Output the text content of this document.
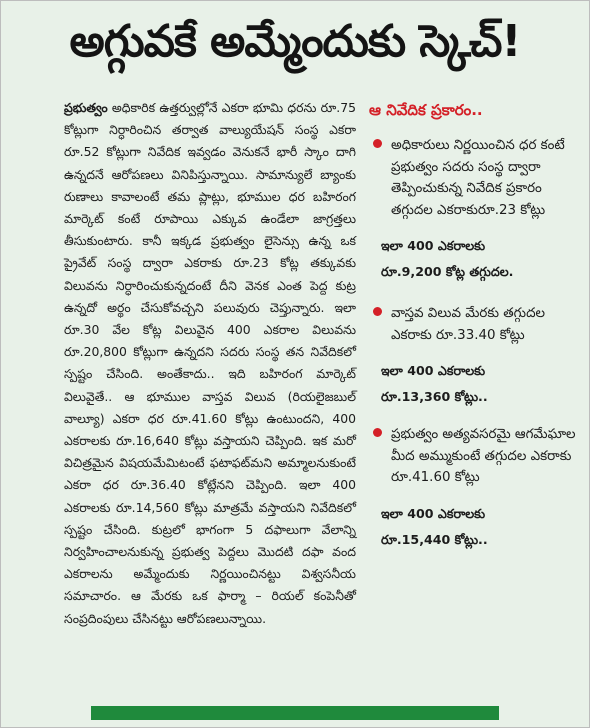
అగ్గువకే అమ్మేందుకు స్కెచ్!
ప్రభుత్వం అధికారిక ఉత్తర్వుల్లోనే ఎకరా భూమి ధరను రూ.75 కోట్లుగా నిర్ధారించిన తర్వాత వాల్యుయేషన్ సంస్థ ఎకరా రూ.52 కోట్లుగా నివేదిక ఇవ్వడం వెనుకనే భారీ స్కాం దాగి ఉన్నదనే ఆరోపణలు వినిపిస్తున్నాయి. సామాన్యులే బ్యాంకు రుణాలు కావాలంటే తమ ప్లాట్లు, భూముల ధర బహిరంగ మార్కెట్ కంటే రూపాయి ఎక్కువ ఉండేలా జాగ్రత్తలు తీసుకుంటారు. కానీ ఇక్కడ ప్రభుత్వం లైసెన్సు ఉన్న ఒక ప్రైవేట్ సంస్థ ద్వారా ఎకరాకు రూ.23 కోట్ల తక్కువకు విలువను నిర్ధారించుకున్నదంటే దీని వెనక ఎంత పెద్ద కుట్ర ఉన్నదో అర్థం చేసుకోవచ్చని పలువురు చెప్తున్నారు. ఇలా రూ.30 వేల కోట్ల విలువైన 400 ఎకరాల విలువను రూ.20,800 కోట్లుగా ఉన్నదని సదరు సంస్థ తన నివేదికలో స్పష్టం చేసింది. అంతేకాదు.. ఇది బహిరంగ మార్కెట్ విలువైతే.. ఆ భూముల వాస్తవ విలువ (రియలైజబుల్ వాల్యూ) ఎకరా ధర రూ.41.60 కోట్లు ఉంటుందని, 400 ఎకరాలకు రూ.16,640 కోట్లు వస్తాయని చెప్పింది. ఇక మరో విచిత్రమైన విషయమేమిటంటే ఫటాఫట్‌మని అమ్మాలనుకుంటే ఎకరా ధర రూ.36.40 కోట్లేనని చెప్పింది. ఇలా 400 ఎకరాలకు రూ.14,560 కోట్లు మాత్రమే వస్తాయని నివేదికలో స్పష్టం చేసింది. కుట్రలో భాగంగా 5 దఫాలుగా వేలాన్ని నిర్వహించాలనుకున్న ప్రభుత్వ పెద్దలు మొదటి దఫా వంద ఎకరాలను అమ్మేందుకు నిర్ణయించినట్టు విశ్వసనీయ సమాచారం. ఆ మేరకు ఒక ఫార్మా – రియల్ కంపెనీతో సంప్రదింపులు చేసినట్టు ఆరోపణలున్నాయి.
ఆ నివేదిక ప్రకారం..
అధికారులు నిర్ణయించిన ధర కంటే ప్రభుత్వం సదరు సంస్థ ద్వారా తెప్పించుకున్న నివేదిక ప్రకారం తగ్గుదల ఎకరాకురూ.23 కోట్లు
ఇలా 400 ఎకరాలకు
రూ.9,200 కోట్ల తగ్గుదల.
వాస్తవ విలువ మేరకు తగ్గుదల ఎకరాకు రూ.33.40 కోట్లు
ఇలా 400 ఎకరాలకు
రూ.13,360 కోట్లు..
ప్రభుత్వం అత్యవసరమై ఆగమేఘాల మీద అమ్ముకుంటే తగ్గుదల ఎకరాకు రూ.41.60 కోట్లు
ఇలా 400 ఎకరాలకు
రూ.15,440 కోట్లు..
